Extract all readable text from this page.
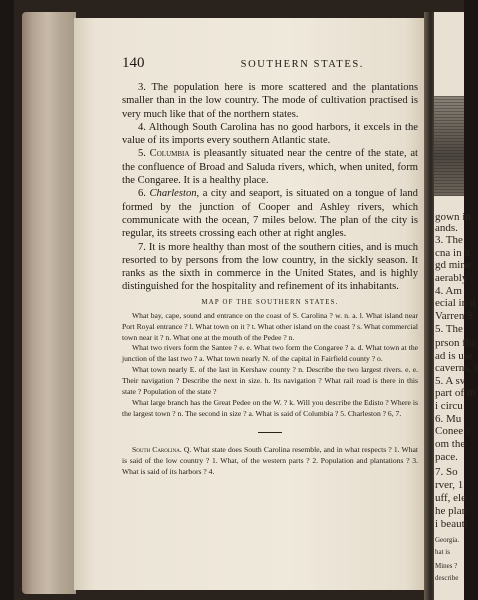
gown in
ands.
3. The
cna in it
gd mine
aerably
4. Am
ecial in d
Varren S
5. The
prson flo
ad is use
caverns, s
5. A sv
part of th
i circu
6. Mu
Conee r
om the
pace.
7. So
rver, 1
uff, ele
he plan
i beauti
Georgia.
hat is
Mines ?
describe
140	SOUTHERN STATES.

3. The population here is more scattered and the plantations smaller than in the low country. The mode of cultivation practised is very much like that of the northern states.

4. Although South Carolina has no good harbors, it excels in the value of its imports every southern Atlantic state.

5. Columbia is pleasantly situated near the centre of the state, at the confluence of Broad and Saluda rivers, which, when united, form the Congaree. It is a healthy place.

6. Charleston, a city and seaport, is situated on a tongue of land formed by the junction of Cooper and Ashley rivers, which communicate with the ocean, 7 miles below. The plan of the city is regular, its streets crossing each other at right angles.

7. It is more healthy than most of the southern cities, and is much resorted to by persons from the low country, in the sickly season. It ranks as the sixth in commerce in the United States, and is highly distinguished for the hospitality and refinement of its inhabitants.

MAP OF THE SOUTHERN STATES.

What bay, cape, sound and entrance on the coast of S. Carolina ? w. n. a. l. What island near Port Royal entrance ? l. What town on it ? t. What other island on the coast ? s. What commercial town near it ? n. What one at the mouth of the Pedee ? n.

What two rivers form the Santee ? e. e. What two form the Congaree ? a. d. What town at the junction of the last two ? a. What town nearly N. of the capital in Fairfield county ? o.

What town nearly E. of the last in Kershaw county ? n. Describe the two largest rivers. e. e. Their navigation ? Describe the next in size. h. Its navigation ? What rail road is there in this state ? Population of the state ?

What large branch has the Great Pedee on the W. ? k. Will you describe the Edisto ? Where is the largest town ? n. The second in size ? a. What is said of Columbia ? 5. Charleston ? 6, 7.

South Carolina. Q. What state does South Carolina resemble, and in what respects ? 1. What is said of the low country ? 1. What, of the western parts ? 2. Population and plantations ? 3. What is said of its harbors ? 4.
